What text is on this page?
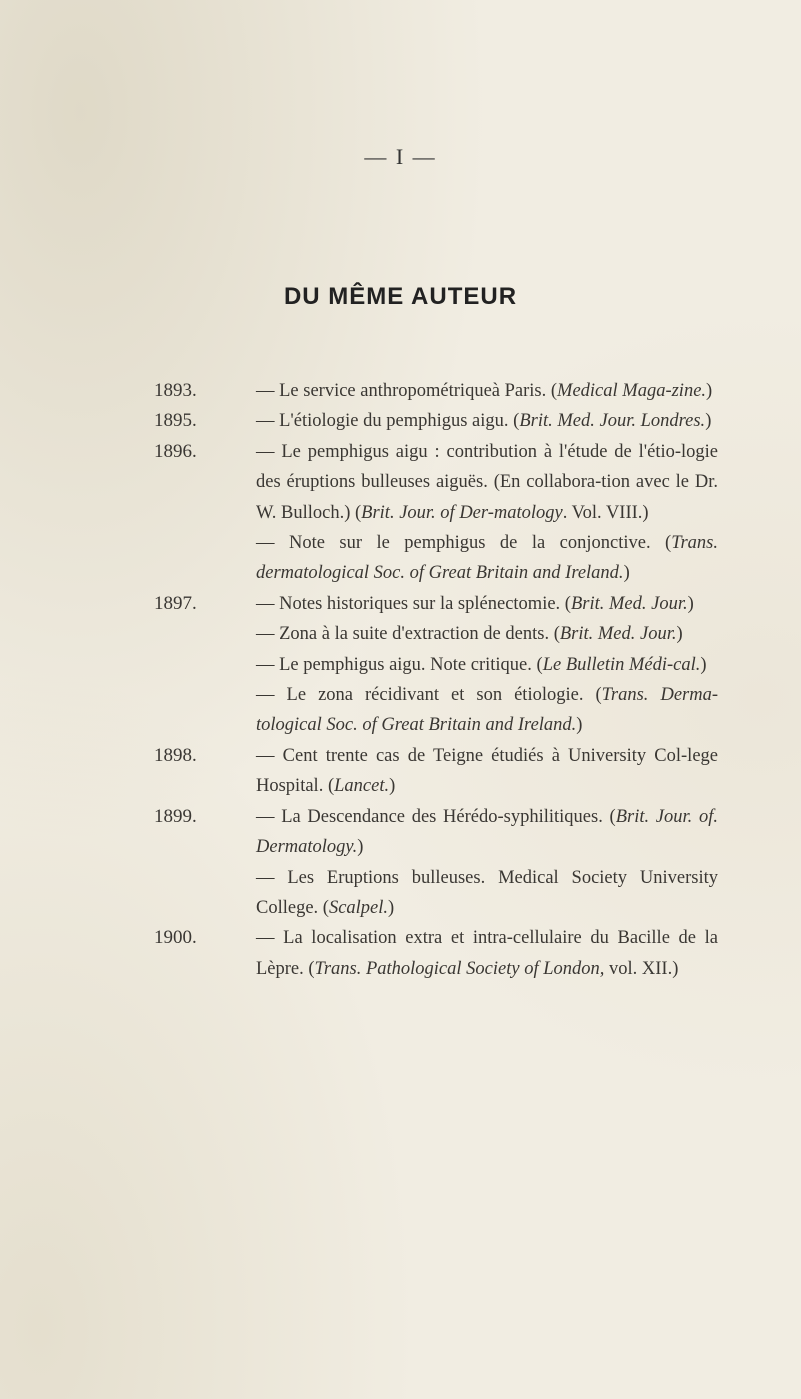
— I —
DU MÊME AUTEUR
1893.	— Le service anthropométriqueà Paris. (Medical Maga-zine.)
1895.	— L'étiologie du pemphigus aigu. (Brit. Med. Jour. Londres.)
1896.	— Le pemphigus aigu : contribution à l'étude de l'étio-logie des éruptions bulleuses aiguës. (En collabora-tion avec le Dr. W. Bulloch.) (Brit. Jour. of Der-matology. Vol. VIII.)
— Note sur le pemphigus de la conjonctive. (Trans. dermatological Soc. of Great Britain and Ireland.)
1897.	— Notes historiques sur la splénectomie. (Brit. Med. Jour.)
— Zona à la suite d'extraction de dents. (Brit. Med. Jour.)
— Le pemphigus aigu. Note critique. (Le Bulletin Médi-cal.)
— Le zona récidivant et son étiologie. (Trans. Derma-tological Soc. of Great Britain and Ireland.)
1898.	— Cent trente cas de Teigne étudiés à University Col-lege Hospital. (Lancet.)
1899.	— La Descendance des Hérédo-syphilitiques. (Brit. Jour. of. Dermatology.)
— Les Eruptions bulleuses. Medical Society University College. (Scalpel.)
1900.	— La localisation extra et intra-cellulaire du Bacille de la Lèpre. (Trans. Pathological Society of London, vol. XII.)
